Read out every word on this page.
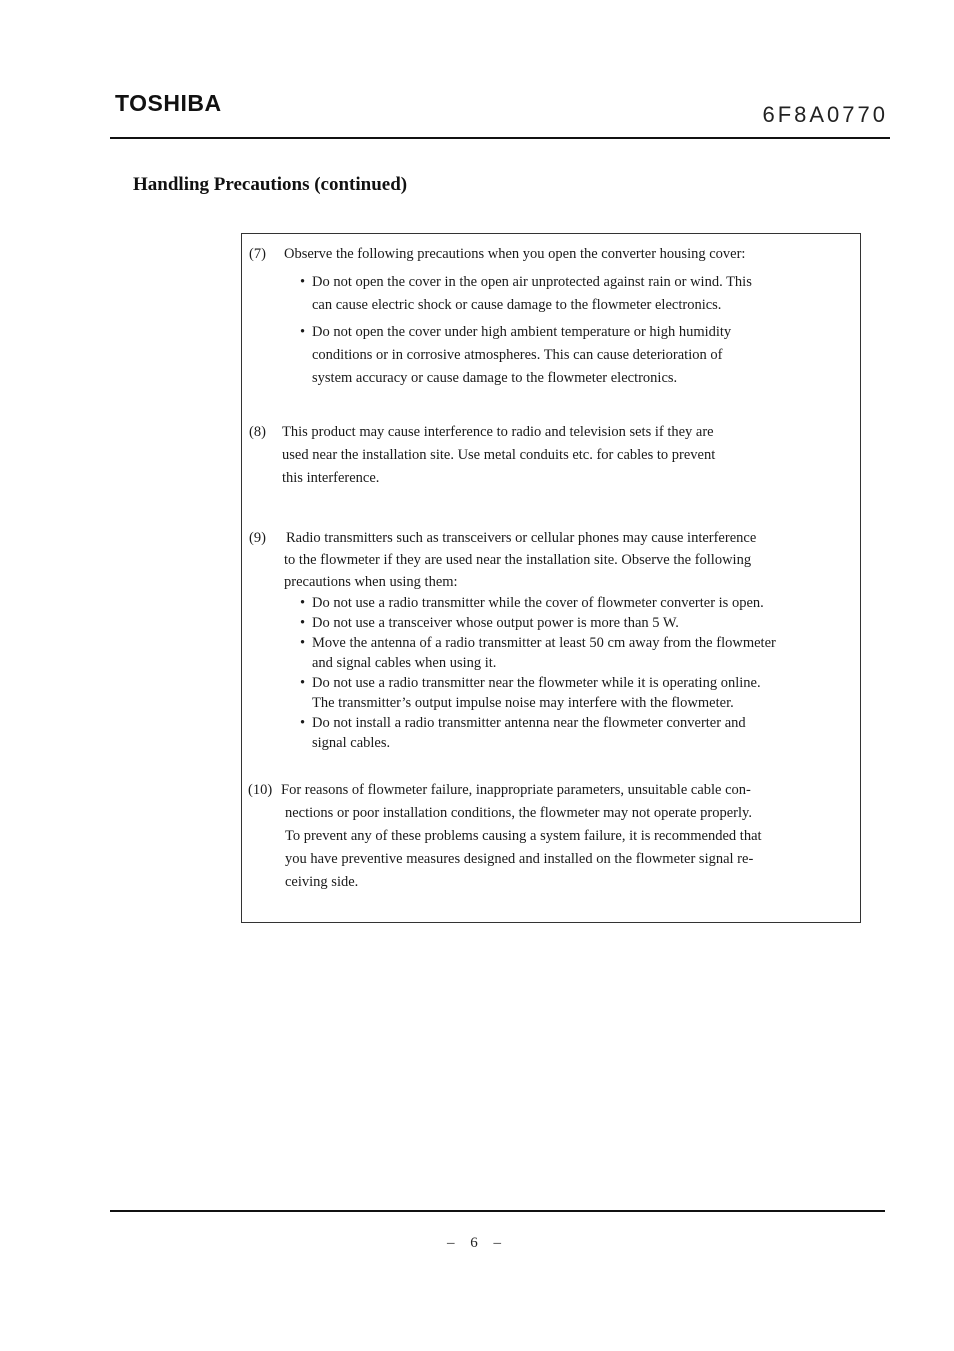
TOSHIBA	6F8A0770
Handling Precautions (continued)
(7) Observe the following precautions when you open the converter housing cover:
• Do not open the cover in the open air unprotected against rain or wind. This
can cause electric shock or cause damage to the flowmeter electronics.
• Do not open the cover under high ambient temperature or high humidity
conditions or in corrosive atmospheres. This can cause deterioration of
system accuracy or cause damage to the flowmeter electronics.
(8) This product may cause interference to radio and television sets if they are
used near the installation site. Use metal conduits etc. for cables to prevent
this interference.
(9) Radio transmitters such as transceivers or cellular phones may cause interference
to the flowmeter if they are used near the installation site. Observe the following
precautions when using them:
• Do not use a radio transmitter while the cover of flowmeter converter is open.
• Do not use a transceiver whose output power is more than 5 W.
• Move the antenna of a radio transmitter at least 50 cm away from the flowmeter
and signal cables when using it.
• Do not use a radio transmitter near the flowmeter while it is operating online.
The transmitter’s output impulse noise may interfere with the flowmeter.
• Do not install a radio transmitter antenna near the flowmeter converter and
signal cables.
(10) For reasons of flowmeter failure, inappropriate parameters, unsuitable cable con-
nections or poor installation conditions, the flowmeter may not operate properly.
To prevent any of these problems causing a system failure, it is recommended that
you have preventive measures designed and installed on the flowmeter signal re-
ceiving side.
– 6 –
